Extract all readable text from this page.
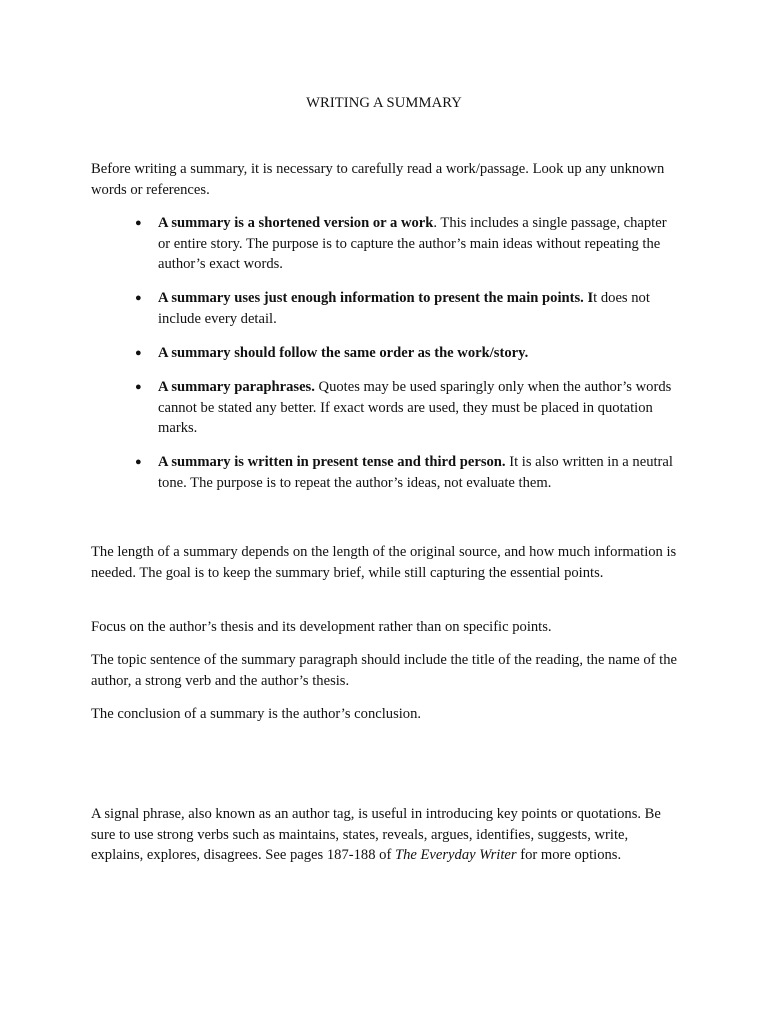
WRITING A SUMMARY

Before writing a summary, it is necessary to carefully read a work/passage. Look up any unknown words or references.

● A summary is a shortened version or a work. This includes a single passage, chapter or entire story. The purpose is to capture the author’s main ideas without repeating the author’s exact words.
● A summary uses just enough information to present the main points. It does not include every detail.
● A summary should follow the same order as the work/story.
● A summary paraphrases. Quotes may be used sparingly only when the author’s words cannot be stated any better. If exact words are used, they must be placed in quotation marks.
● A summary is written in present tense and third person. It is also written in a neutral tone. The purpose is to repeat the author’s ideas, not evaluate them.

The length of a summary depends on the length of the original source, and how much information is needed. The goal is to keep the summary brief, while still capturing the essential points.

Focus on the author’s thesis and its development rather than on specific points.

The topic sentence of the summary paragraph should include the title of the reading, the name of the author, a strong verb and the author’s thesis.

The conclusion of a summary is the author’s conclusion.

A signal phrase, also known as an author tag, is useful in introducing key points or quotations. Be sure to use strong verbs such as maintains, states, reveals, argues, identifies, suggests, write, explains, explores, disagrees. See pages 187-188 of The Everyday Writer for more options.
